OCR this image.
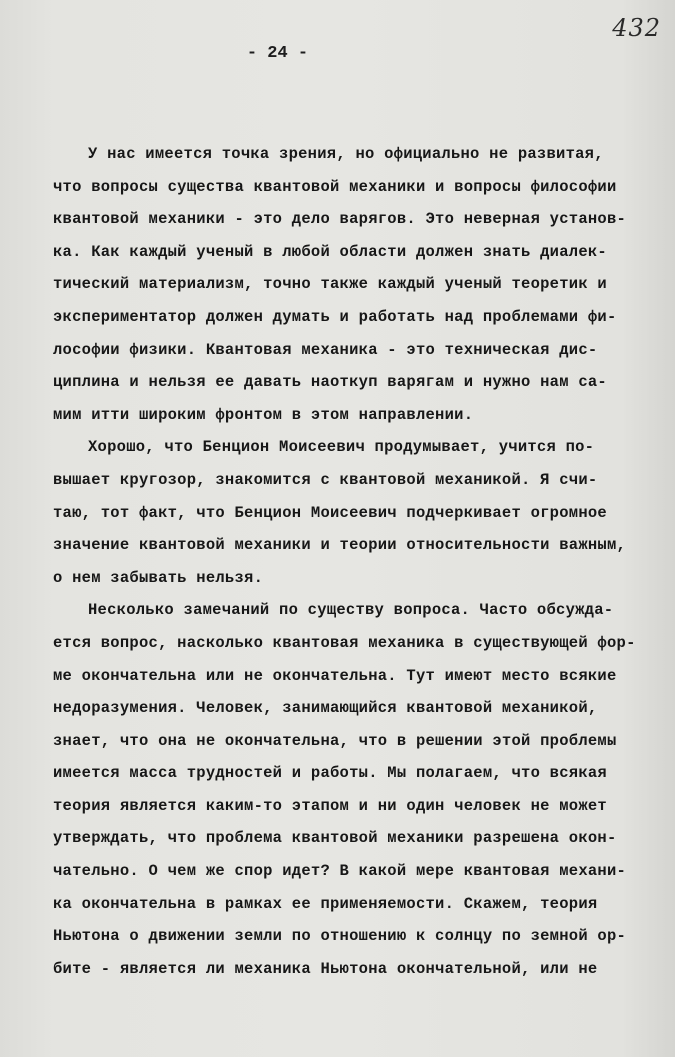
432
- 24 -
У нас имеется точка зрения, но официально не развитая,
что вопросы существа квантовой механики и вопросы философии
квантовой механики - это дело варягов. Это неверная установ-
ка. Как каждый ученый в любой области должен знать диалек-
тический материализм, точно также каждый ученый теоретик и
экспериментатор должен думать и работать над проблемами фи-
лософии физики. Квантовая механика - это техническая дис-
циплина и нельзя ее давать наоткуп варягам и нужно нам са-
мим итти широким фронтом в этом направлении.
Хорошо, что Бенцион Моисеевич продумывает, учится по-
вышает кругозор, знакомится с квантовой механикой. Я счи-
таю, тот факт, что Бенцион Моисеевич подчеркивает огромное
значение квантовой механики и теории относительности важным,
о нем забывать нельзя.
Несколько замечаний по существу вопроса. Часто обсужда-
ется вопрос, насколько квантовая механика в существующей фор-
ме окончательна или не окончательна. Тут имеют место всякие
недоразумения. Человек, занимающийся квантовой механикой,
знает, что она не окончательна, что в решении этой проблемы
имеется масса трудностей и работы. Мы полагаем, что всякая
теория является каким-то этапом и ни один человек не может
утверждать, что проблема квантовой механики разрешена окон-
чательно. О чем же спор идет? В какой мере квантовая механи-
ка окончательна в рамках ее применяемости. Скажем, теория
Ньютона о движении земли по отношению к солнцу по земной ор-
бите - является ли механика Ньютона окончательной, или не
